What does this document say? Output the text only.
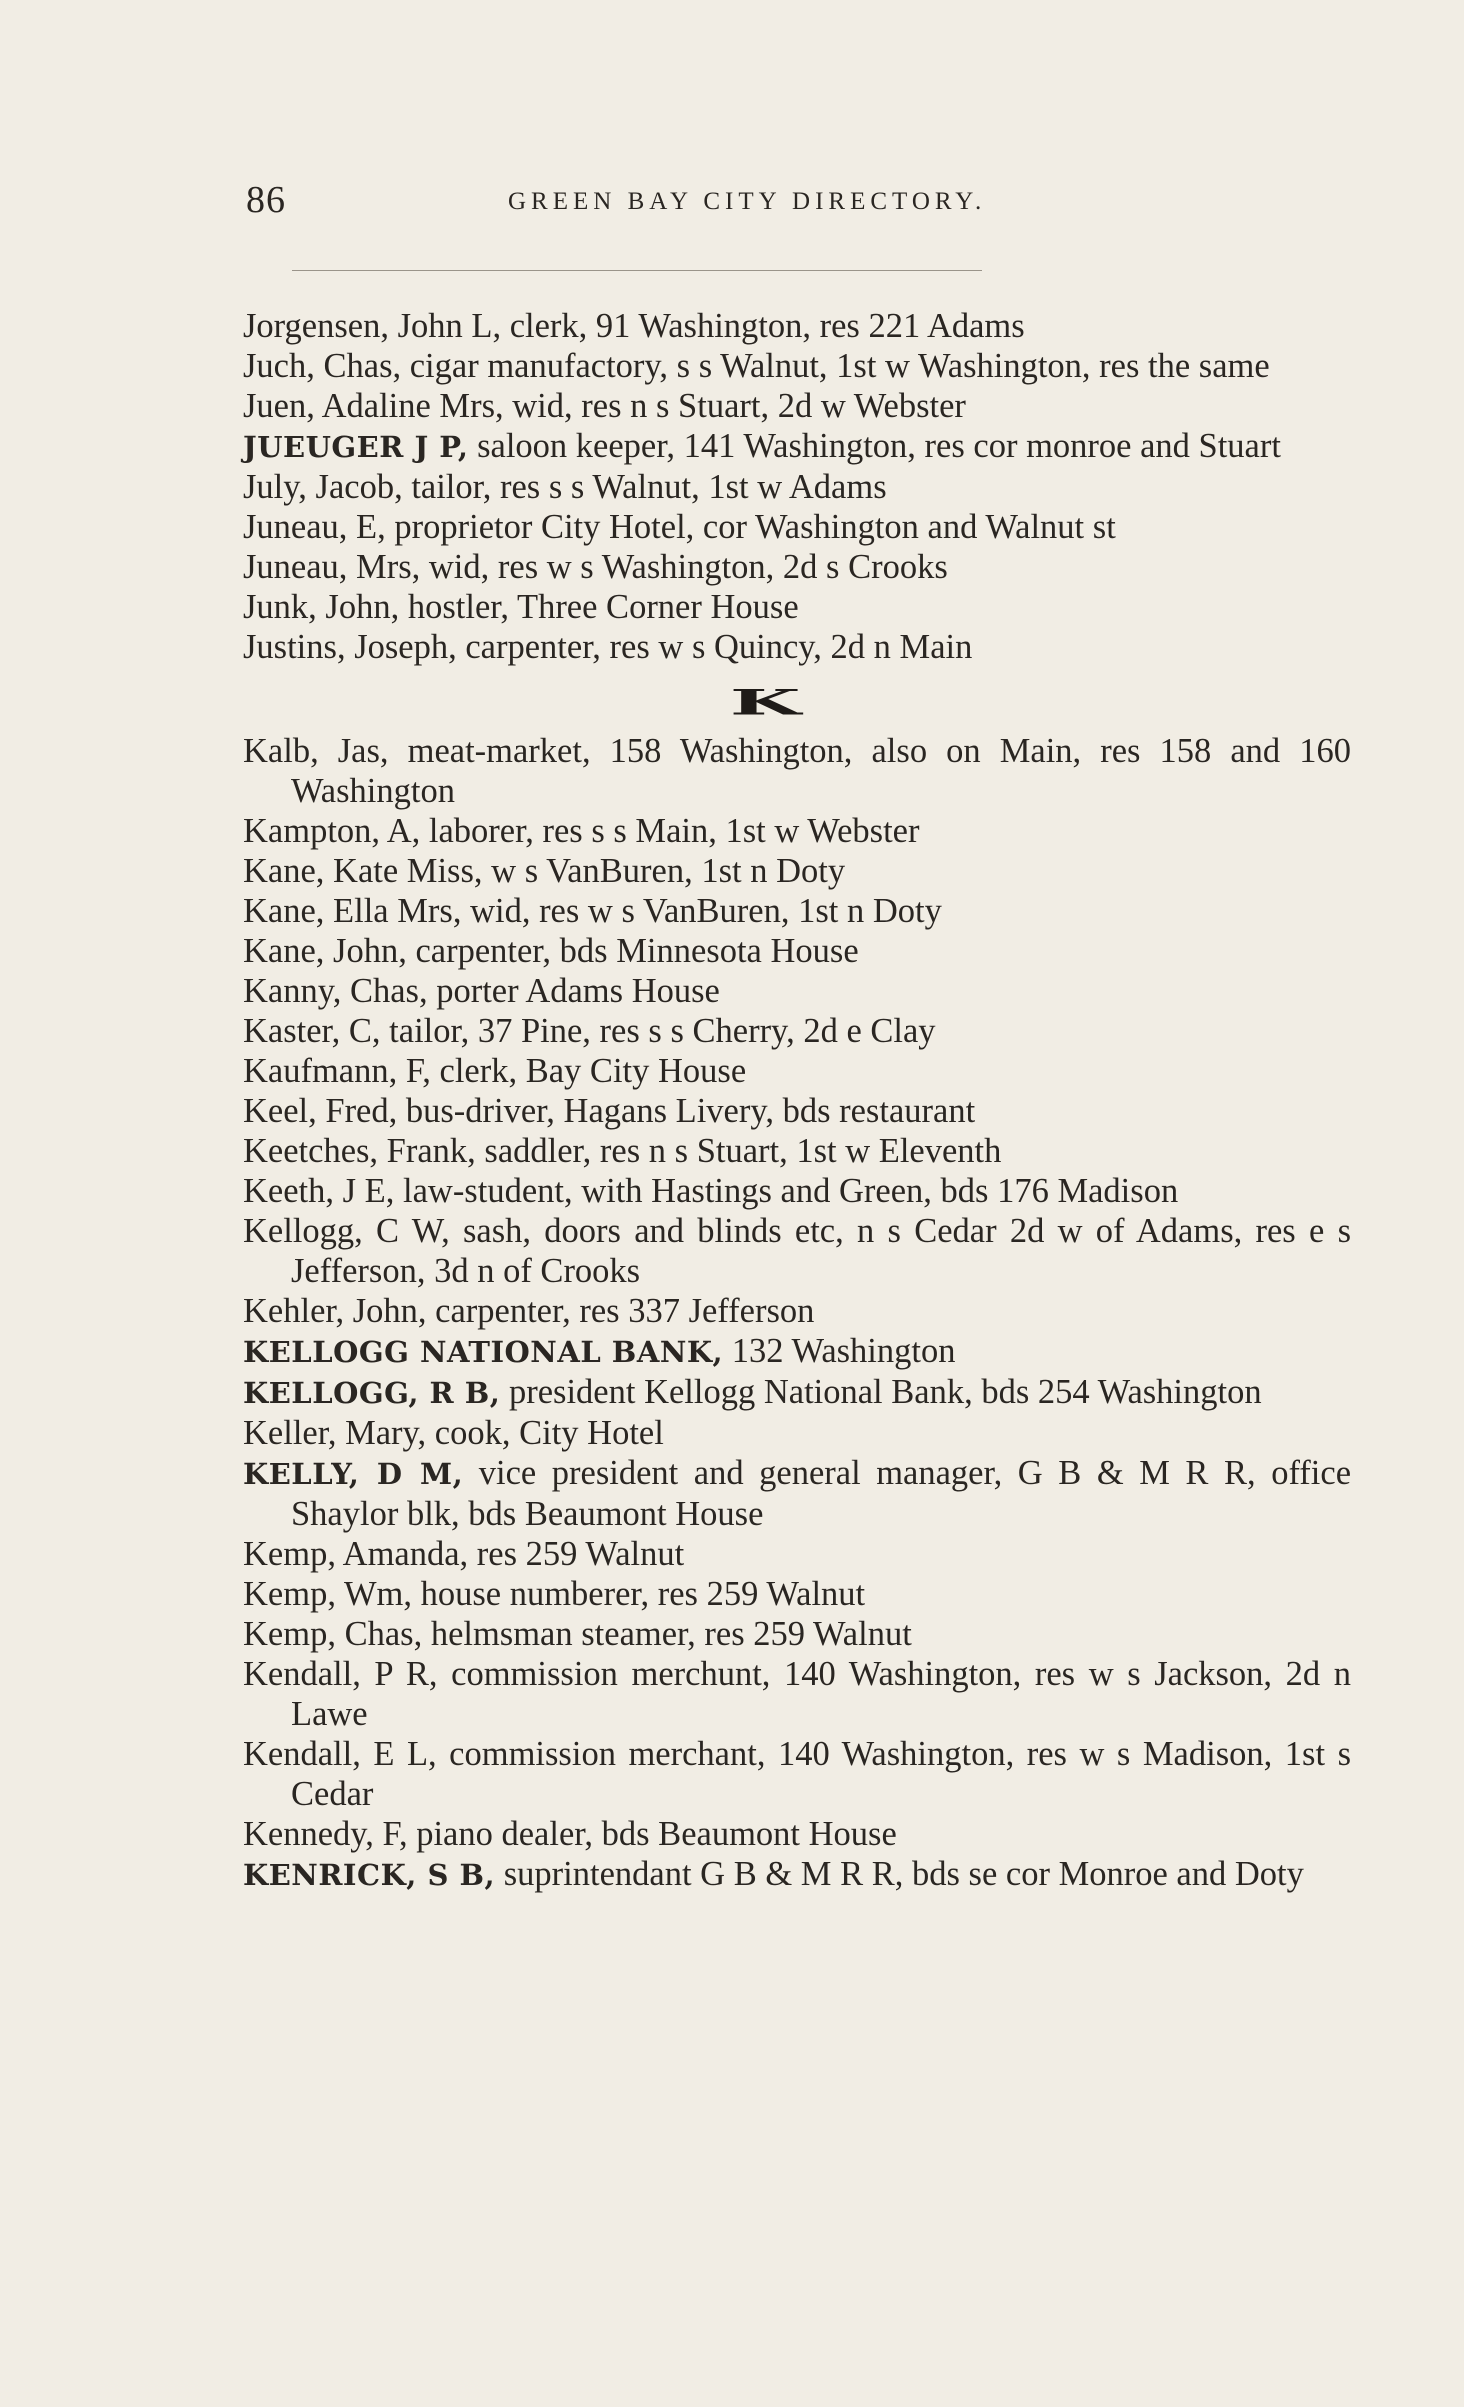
86	GREEN BAY CITY DIRECTORY.

Jorgensen, John L, clerk, 91 Washington, res 221 Adams

Juch, Chas, cigar manufactory, s s Walnut, 1st w Washington, res the same

Juen, Adaline Mrs, wid, res n s Stuart, 2d w Webster

JUEUGER J P, saloon keeper, 141 Washington, res cor monroe and Stuart

July, Jacob, tailor, res s s Walnut, 1st w Adams

Juneau, E, proprietor City Hotel, cor Washington and Walnut st

Juneau, Mrs, wid, res w s Washington, 2d s Crooks

Junk, John, hostler, Three Corner House

Justins, Joseph, carpenter, res w s Quincy, 2d n Main

K

Kalb, Jas, meat-market, 158 Washington, also on Main, res 158 and 160 Washington

Kampton, A, laborer, res s s Main, 1st w Webster

Kane, Kate Miss, w s VanBuren, 1st n Doty

Kane, Ella Mrs, wid, res w s VanBuren, 1st n Doty

Kane, John, carpenter, bds Minnesota House

Kanny, Chas, porter Adams House

Kaster, C, tailor, 37 Pine, res s s Cherry, 2d e Clay

Kaufmann, F, clerk, Bay City House

Keel, Fred, bus-driver, Hagans Livery, bds restaurant

Keetches, Frank, saddler, res n s Stuart, 1st w Eleventh

Keeth, J E, law-student, with Hastings and Green, bds 176 Madison

Kellogg, C W, sash, doors and blinds etc, n s Cedar 2d w of Adams, res e s Jefferson, 3d n of Crooks

Kehler, John, carpenter, res 337 Jefferson

KELLOGG NATIONAL BANK, 132 Washington

KELLOGG, R B, president Kellogg National Bank, bds 254 Washington

Keller, Mary, cook, City Hotel

KELLY, D M, vice president and general manager, G B & M R R, office Shaylor blk, bds Beaumont House

Kemp, Amanda, res 259 Walnut

Kemp, Wm, house numberer, res 259 Walnut

Kemp, Chas, helmsman steamer, res 259 Walnut

Kendall, P R, commission merchunt, 140 Washington, res w s Jackson, 2d n Lawe

Kendall, E L, commission merchant, 140 Washington, res w s Madison, 1st s Cedar

Kennedy, F, piano dealer, bds Beaumont House

KENRICK, S B, suprintendant G B & M R R, bds se cor Monroe and Doty
